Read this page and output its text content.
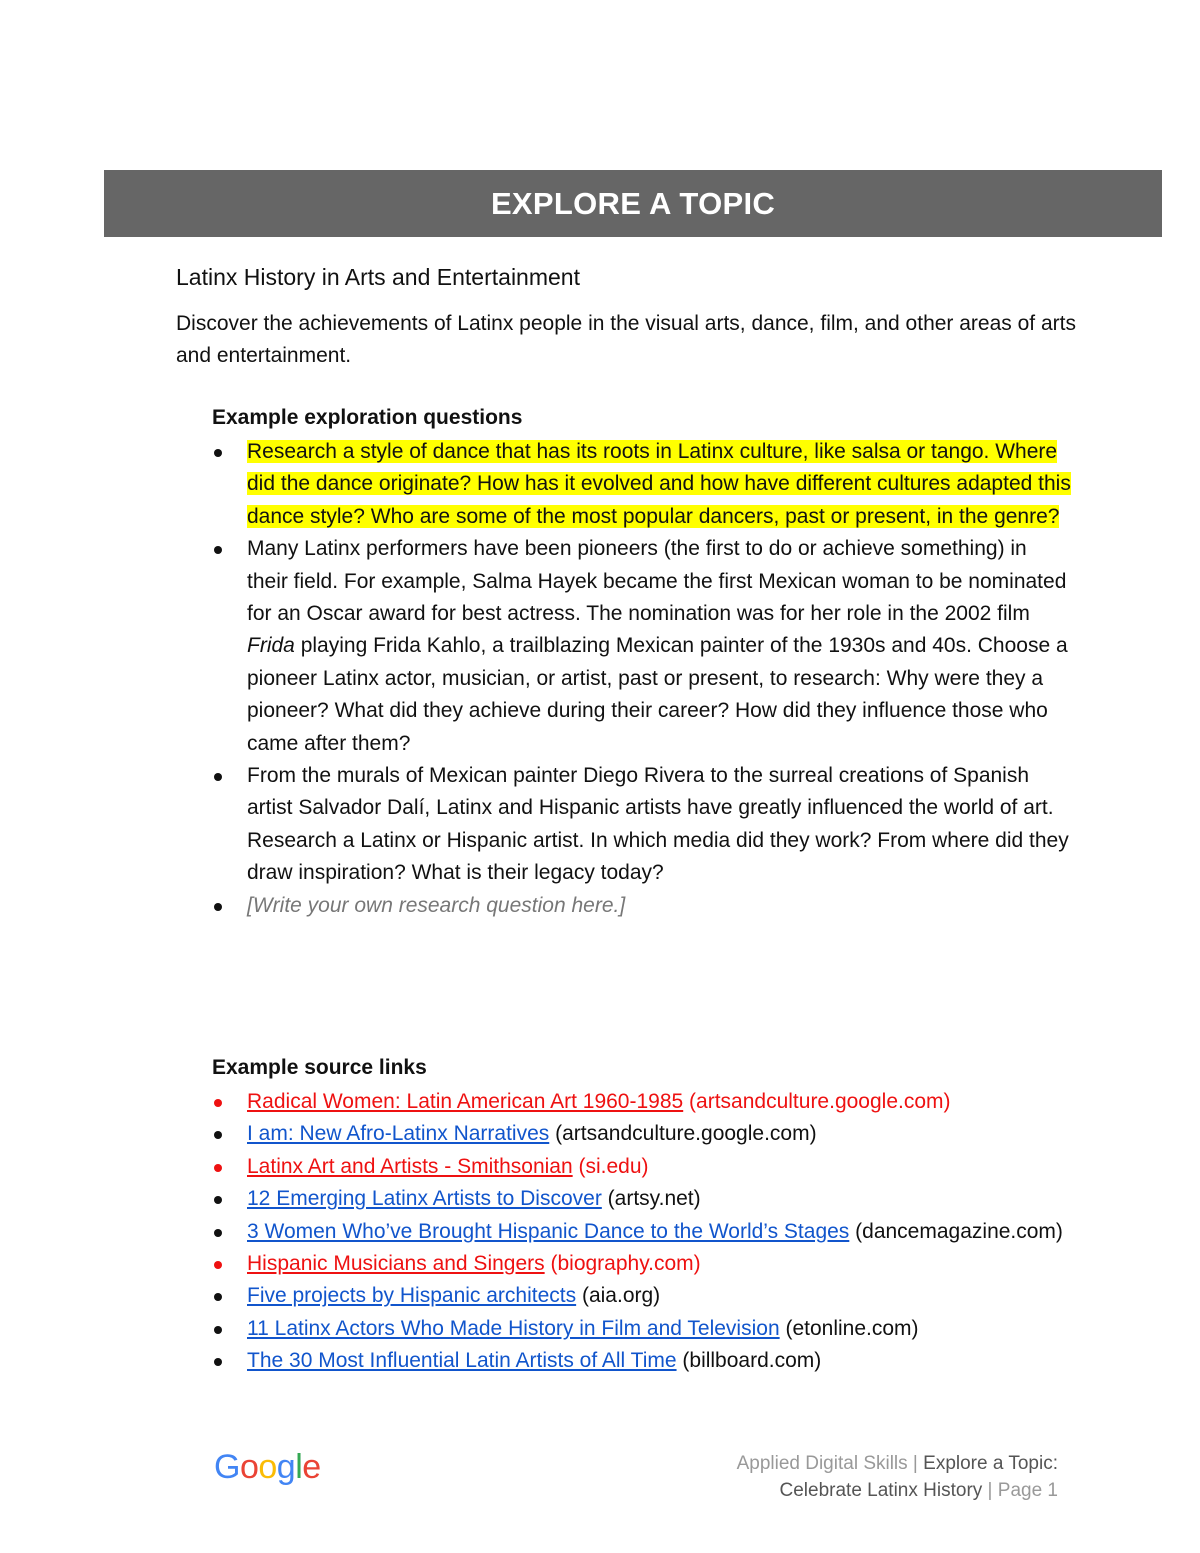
EXPLORE A TOPIC
Latinx History in Arts and Entertainment
Discover the achievements of Latinx people in the visual arts, dance, film, and other areas of arts and entertainment.
Example exploration questions
Research a style of dance that has its roots in Latinx culture, like salsa or tango. Where did the dance originate? How has it evolved and how have different cultures adapted this dance style? Who are some of the most popular dancers, past or present, in the genre?
Many Latinx performers have been pioneers (the first to do or achieve something) in their field. For example, Salma Hayek became the first Mexican woman to be nominated for an Oscar award for best actress. The nomination was for her role in the 2002 film Frida playing Frida Kahlo, a trailblazing Mexican painter of the 1930s and 40s. Choose a pioneer Latinx actor, musician, or artist, past or present, to research: Why were they a pioneer? What did they achieve during their career? How did they influence those who came after them?
From the murals of Mexican painter Diego Rivera to the surreal creations of Spanish artist Salvador Dalí, Latinx and Hispanic artists have greatly influenced the world of art. Research a Latinx or Hispanic artist. In which media did they work? From where did they draw inspiration? What is their legacy today?
[Write your own research question here.]
Example source links
Radical Women: Latin American Art 1960-1985 (artsandculture.google.com)
I am: New Afro-Latinx Narratives (artsandculture.google.com)
Latinx Art and Artists - Smithsonian (si.edu)
12 Emerging Latinx Artists to Discover (artsy.net)
3 Women Who’ve Brought Hispanic Dance to the World’s Stages (dancemagazine.com)
Hispanic Musicians and Singers (biography.com)
Five projects by Hispanic architects (aia.org)
11 Latinx Actors Who Made History in Film and Television (etonline.com)
The 30 Most Influential Latin Artists of All Time (billboard.com)
Google	Applied Digital Skills | Explore a Topic:
Celebrate Latinx History | Page 1
